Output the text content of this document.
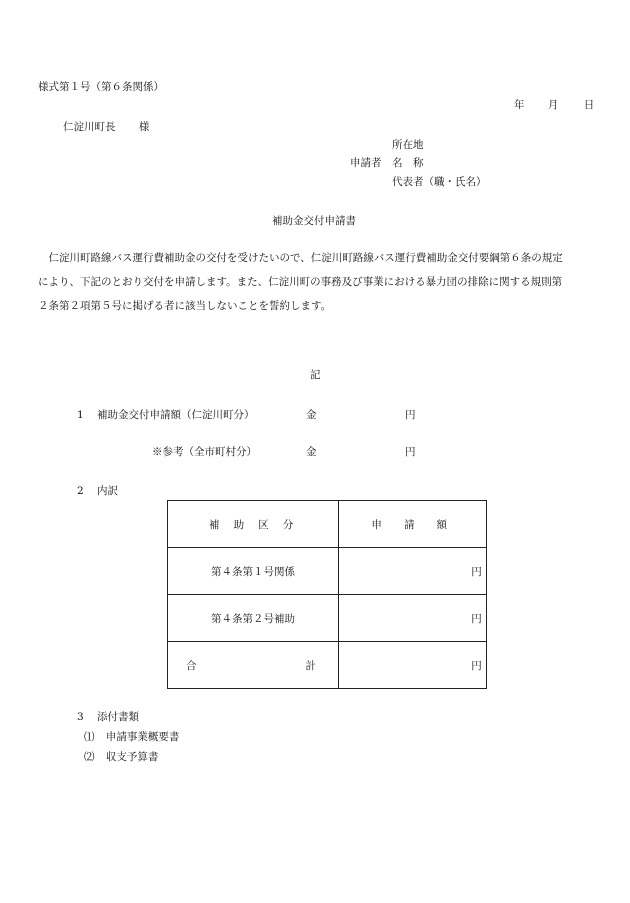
様式第１号（第６条関係）
年 月 日
仁淀川町長 様
所在地
申請者 名　称
代表者（職・氏名）
補助金交付申請書
仁淀川町路線バス運行費補助金の交付を受けたいので、仁淀川町路線バス運行費補助金交付要綱第６条の規定
により、下記のとおり交付を申請します。また、仁淀川町の事務及び事業における暴力団の排除に関する規則第
２条第２項第５号に掲げる者に該当しないことを誓約します。
記
1 補助金交付申請額（仁淀川町分）	金	円
※参考（全市町村分）	金	円
2 内訳
補助区分	申請額
第４条第１号関係	円
第４条第２号補助	円

合 計	円
3 添付書類
⑴ 申請事業概要書
⑵ 収支予算書
